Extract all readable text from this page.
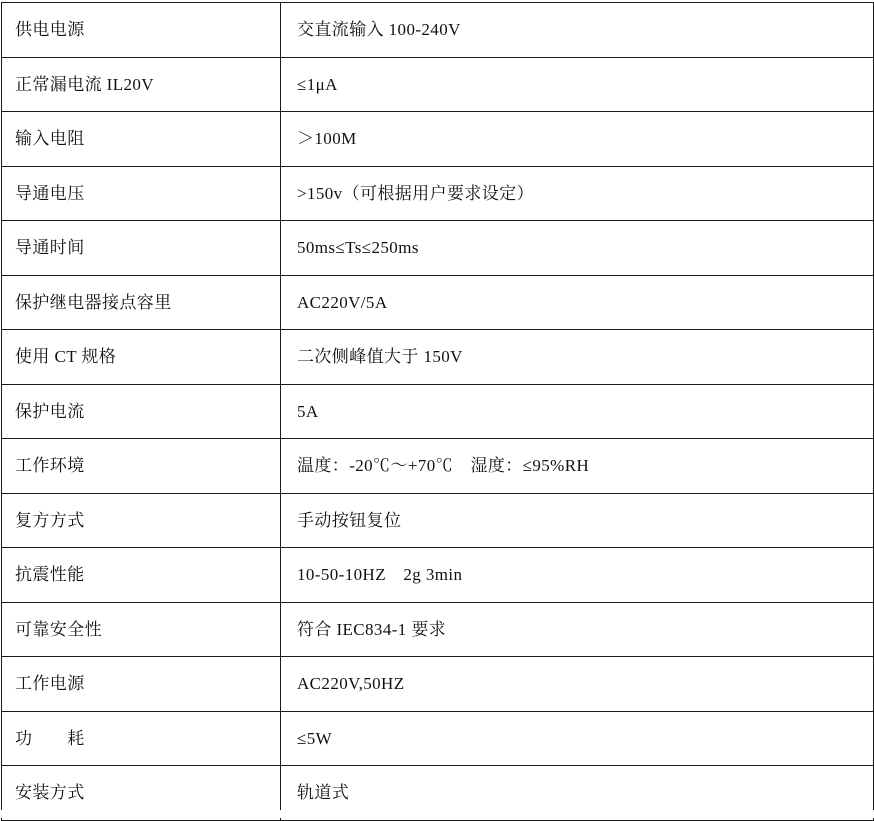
供电电源	交直流输入 100-240V
正常漏电流 IL20V	≤1μA
输入电阻	＞100M
导通电压	>150v（可根据用户要求设定）
导通时间	50ms≤Ts≤250ms
保护继电器接点容里	AC220V/5A
使用 CT 规格	二次侧峰值大于 150V
保护电流	5A
工作环境	温度：-20℃～+70℃　湿度：≤95%RH
复方方式	手动按钮复位
抗震性能	10-50-10HZ　2g 3min
可靠安全性	符合 IEC834-1 要求
工作电源	AC220V,50HZ
功　　耗	≤5W
安装方式	轨道式
